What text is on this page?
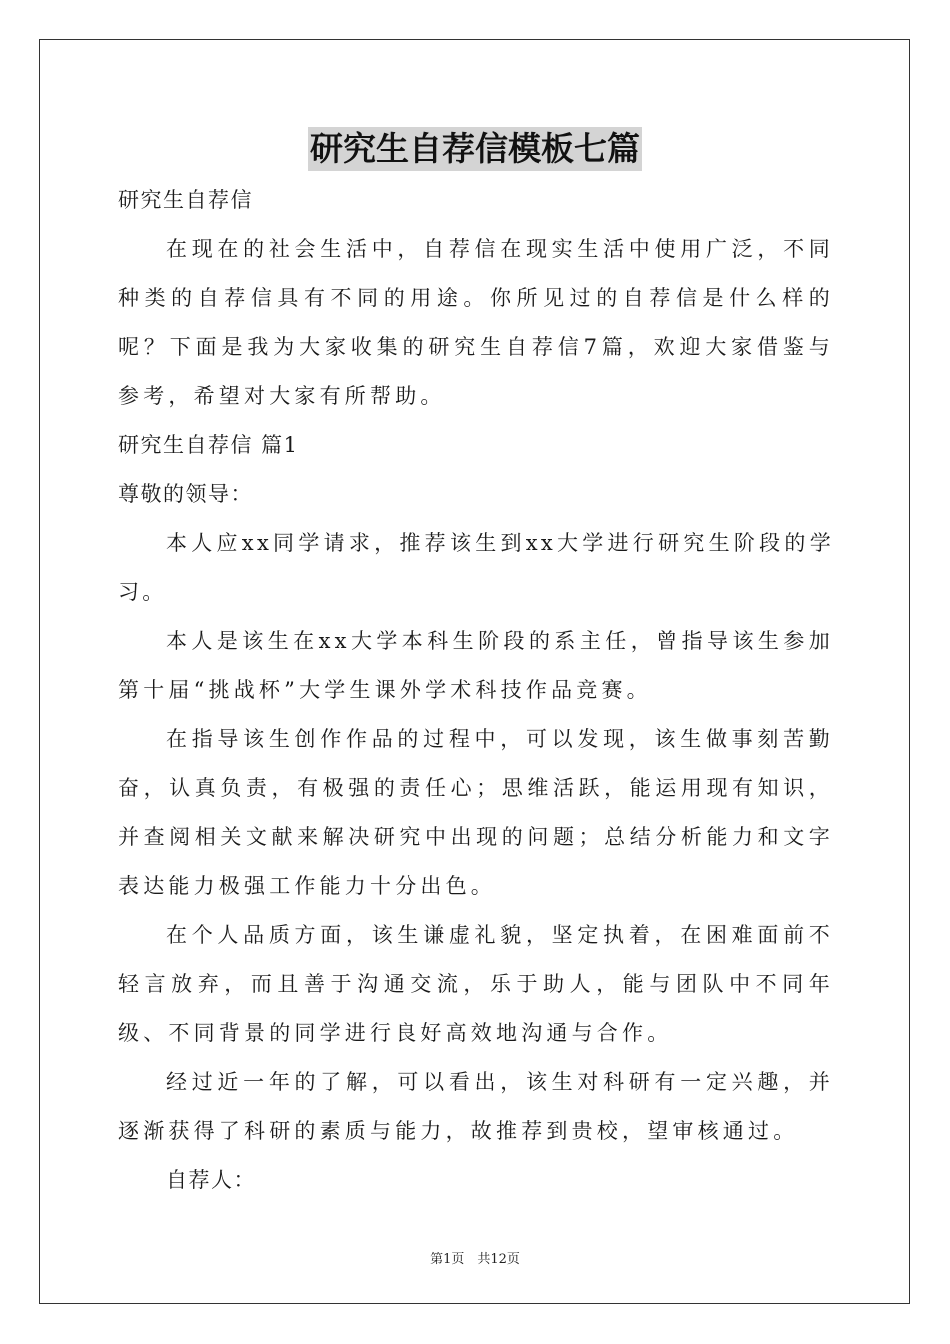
研究生自荐信模板七篇

研究生自荐信

在现在的社会生活中，自荐信在现实生活中使用广泛，不同种类的自荐信具有不同的用途。你所见过的自荐信是什么样的呢？下面是我为大家收集的研究生自荐信7篇，欢迎大家借鉴与参考，希望对大家有所帮助。

研究生自荐信 篇1

尊敬的领导：

本人应xx同学请求，推荐该生到xx大学进行研究生阶段的学习。

本人是该生在xx大学本科生阶段的系主任，曾指导该生参加第十届“挑战杯”大学生课外学术科技作品竞赛。

在指导该生创作作品的过程中，可以发现，该生做事刻苦勤奋，认真负责，有极强的责任心；思维活跃，能运用现有知识，并查阅相关文献来解决研究中出现的问题；总结分析能力和文字表达能力极强工作能力十分出色。

在个人品质方面，该生谦虚礼貌，坚定执着，在困难面前不轻言放弃，而且善于沟通交流，乐于助人，能与团队中不同年级、不同背景的同学进行良好高效地沟通与合作。

经过近一年的了解，可以看出，该生对科研有一定兴趣，并逐渐获得了科研的素质与能力，故推荐到贵校，望审核通过。

自荐人：

第1页　共12页
